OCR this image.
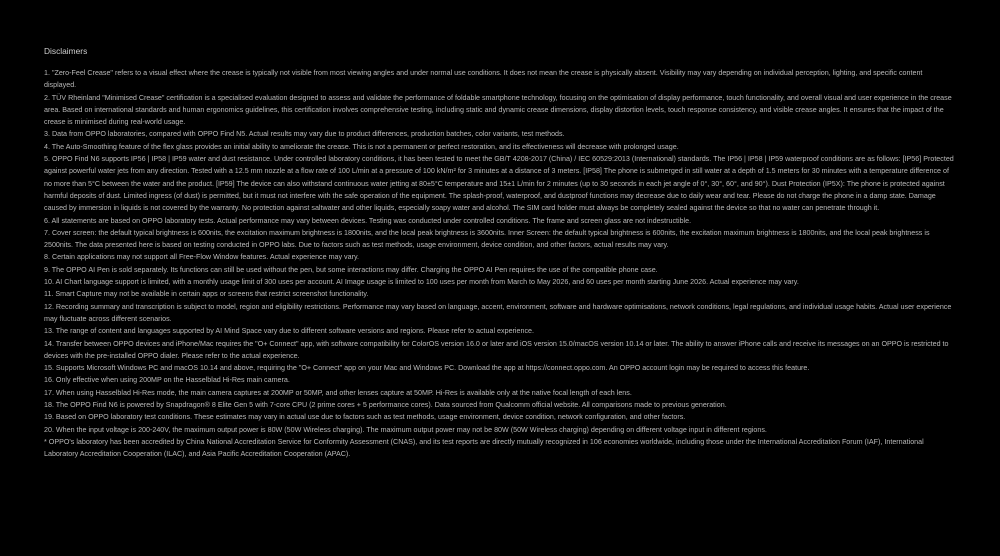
Disclaimers

1. "Zero-Feel Crease" refers to a visual effect where the crease is typically not visible from most viewing angles and under normal use conditions. It does not mean the crease is physically absent. Visibility may vary depending on individual perception, lighting, and specific content displayed.

2. TÜV Rheinland "Minimised Crease" certification is a specialised evaluation designed to assess and validate the performance of foldable smartphone technology, focusing on the optimisation of display performance, touch functionality, and overall visual and user experience in the crease area. Based on international standards and human ergonomics guidelines, this certification involves comprehensive testing, including static and dynamic crease dimensions, display distortion levels, touch response consistency, and visible crease angles. It ensures that the impact of the crease is minimised during real-world usage.

3. Data from OPPO laboratories, compared with OPPO Find N5. Actual results may vary due to product differences, production batches, color variants, test methods.

4. The Auto-Smoothing feature of the flex glass provides an initial ability to ameliorate the crease. This is not a permanent or perfect restoration, and its effectiveness will decrease with prolonged usage.

5. OPPO Find N6 supports IP56 | IP58 | IP59 water and dust resistance. Under controlled laboratory conditions, it has been tested to meet the GB/T 4208-2017 (China) / IEC 60529:2013 (International) standards. The IP56 | IP58 | IP59 waterproof conditions are as follows: [IP56] Protected against powerful water jets from any direction. Tested with a 12.5 mm nozzle at a flow rate of 100 L/min at a pressure of 100 kN/m² for 3 minutes at a distance of 3 meters. [IP58] The phone is submerged in still water at a depth of 1.5 meters for 30 minutes with a temperature difference of no more than 5°C between the water and the product. [IP59] The device can also withstand continuous water jetting at 80±5°C temperature and 15±1 L/min for 2 minutes (up to 30 seconds in each jet angle of 0°, 30°, 60°, and 90°). Dust Protection (IP5X): The phone is protected against harmful deposits of dust. Limited ingress (of dust) is permitted, but it must not interfere with the safe operation of the equipment. The splash-proof, waterproof, and dustproof functions may decrease due to daily wear and tear. Please do not charge the phone in a damp state. Damage caused by immersion in liquids is not covered by the warranty. No protection against saltwater and other liquids, especially soapy water and alcohol. The SIM card holder must always be completely sealed against the device so that no water can penetrate through it.

6. All statements are based on OPPO laboratory tests. Actual performance may vary between devices. Testing was conducted under controlled conditions. The frame and screen glass are not indestructible.

7. Cover screen: the default typical brightness is 600nits, the excitation maximum brightness is 1800nits, and the local peak brightness is 3600nits. Inner Screen: the default typical brightness is 600nits, the excitation maximum brightness is 1800nits, and the local peak brightness is 2500nits. The data presented here is based on testing conducted in OPPO labs. Due to factors such as test methods, usage environment, device condition, and other factors, actual results may vary.

8. Certain applications may not support all Free-Flow Window features. Actual experience may vary.

9. The OPPO AI Pen is sold separately. Its functions can still be used without the pen, but some interactions may differ. Charging the OPPO AI Pen requires the use of the compatible phone case.

10. AI Chart language support is limited, with a monthly usage limit of 300 uses per account. AI Image usage is limited to 100 uses per month from March to May 2026, and 60 uses per month starting June 2026. Actual experience may vary.

11. Smart Capture may not be available in certain apps or screens that restrict screenshot functionality.

12. Recording summary and transcription is subject to model, region and eligibility restrictions. Performance may vary based on language, accent, environment, software and hardware optimisations, network conditions, legal regulations, and individual usage habits. Actual user experience may fluctuate across different scenarios.

13. The range of content and languages supported by AI Mind Space vary due to different software versions and regions. Please refer to actual experience.

14. Transfer between OPPO devices and iPhone/Mac requires the "O+ Connect" app, with software compatibility for ColorOS version 16.0 or later and iOS version 15.0/macOS version 10.14 or later. The ability to answer iPhone calls and receive its messages on an OPPO is restricted to devices with the pre-installed OPPO dialer. Please refer to the actual experience.

15. Supports Microsoft Windows PC and macOS 10.14 and above, requiring the "O+ Connect" app on your Mac and Windows PC. Download the app at https://connect.oppo.com. An OPPO account login may be required to access this feature.

16. Only effective when using 200MP on the Hasselblad Hi-Res main camera.

17. When using Hasselblad Hi-Res mode, the main camera captures at 200MP or 50MP, and other lenses capture at 50MP. Hi-Res is available only at the native focal length of each lens.

18. The OPPO Find N6 is powered by Snapdragon® 8 Elite Gen 5 with 7-core CPU (2 prime cores + 5 performance cores). Data sourced from Qualcomm official website. All comparisons made to previous generation.

19. Based on OPPO laboratory test conditions. These estimates may vary in actual use due to factors such as test methods, usage environment, device condition, network configuration, and other factors.

20. When the input voltage is 200-240V, the maximum output power is 80W (50W Wireless charging). The maximum output power may not be 80W (50W Wireless charging) depending on different voltage input in different regions.

* OPPO's laboratory has been accredited by China National Accreditation Service for Conformity Assessment (CNAS), and its test reports are directly mutually recognized in 106 economies worldwide, including those under the International Accreditation Forum (IAF), International Laboratory Accreditation Cooperation (ILAC), and Asia Pacific Accreditation Cooperation (APAC).
